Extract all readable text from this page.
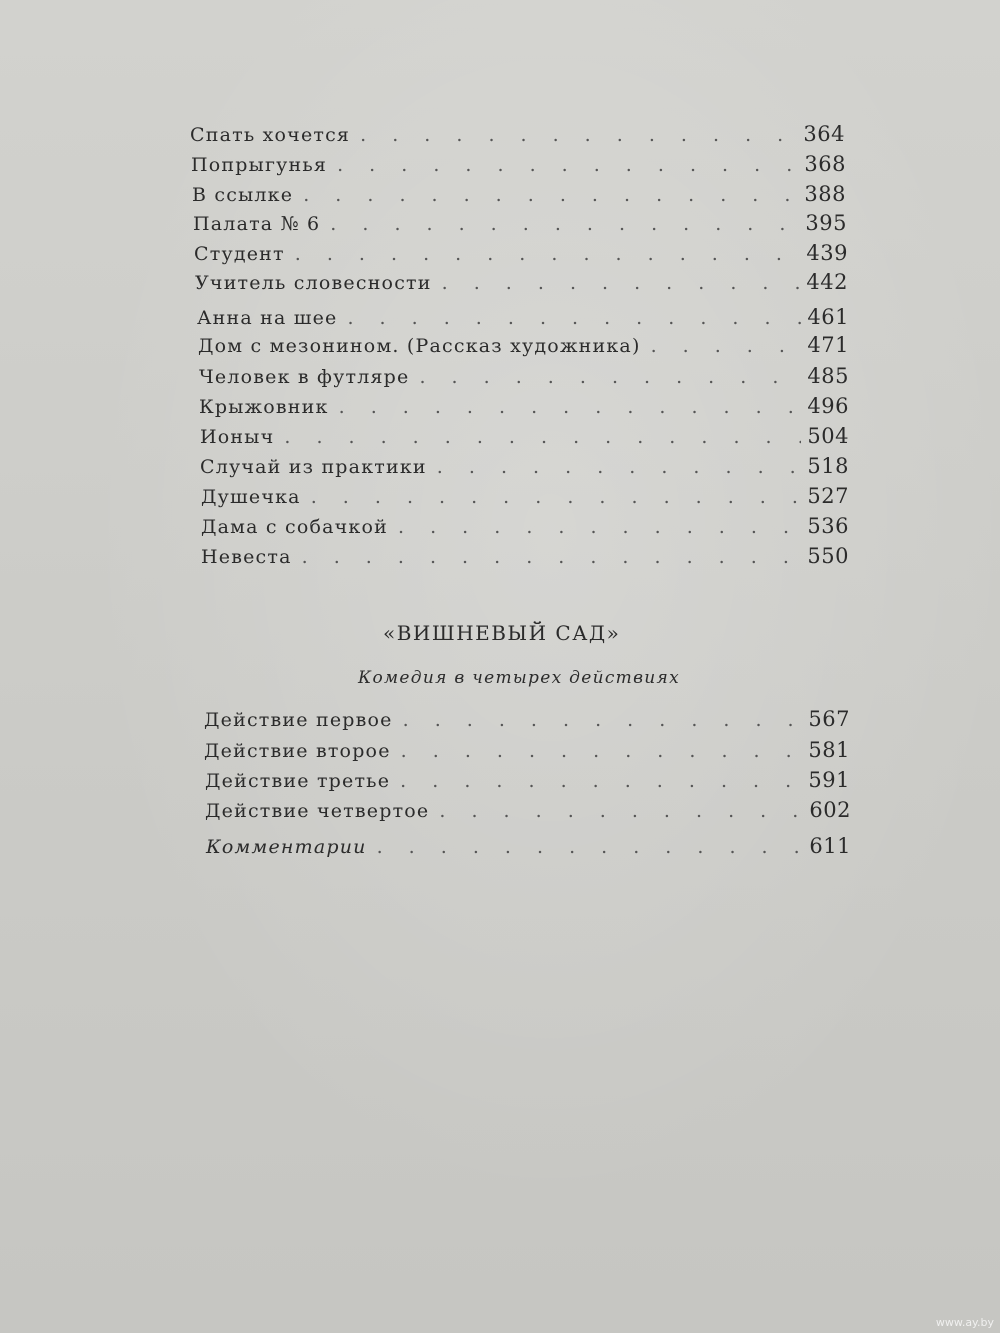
Спать хочется . . .	364
Попрыгунья . . .	368
В ссылке . . .	388
Палата № 6 . . .	395
Студент . . .	439
Учитель словесности . . .	442
Анна на шее . . .	461
Дом с мезонином. (Рассказ художника) . . .	471
Человек в футляре . . .	485
Крыжовник . . .	496
Ионыч . . .	504
Случай из практики . . .	518
Душечка . . .	527
Дама с собачкой . . .	536
Невеста . . .	550
«ВИШНЕВЫЙ САД»
Комедия в четырех действиях
Действие первое . . .	567
Действие второе . . .	581
Действие третье . . .	591
Действие четвертое . . .	602
Комментарии . . .	611
www.ay.by
